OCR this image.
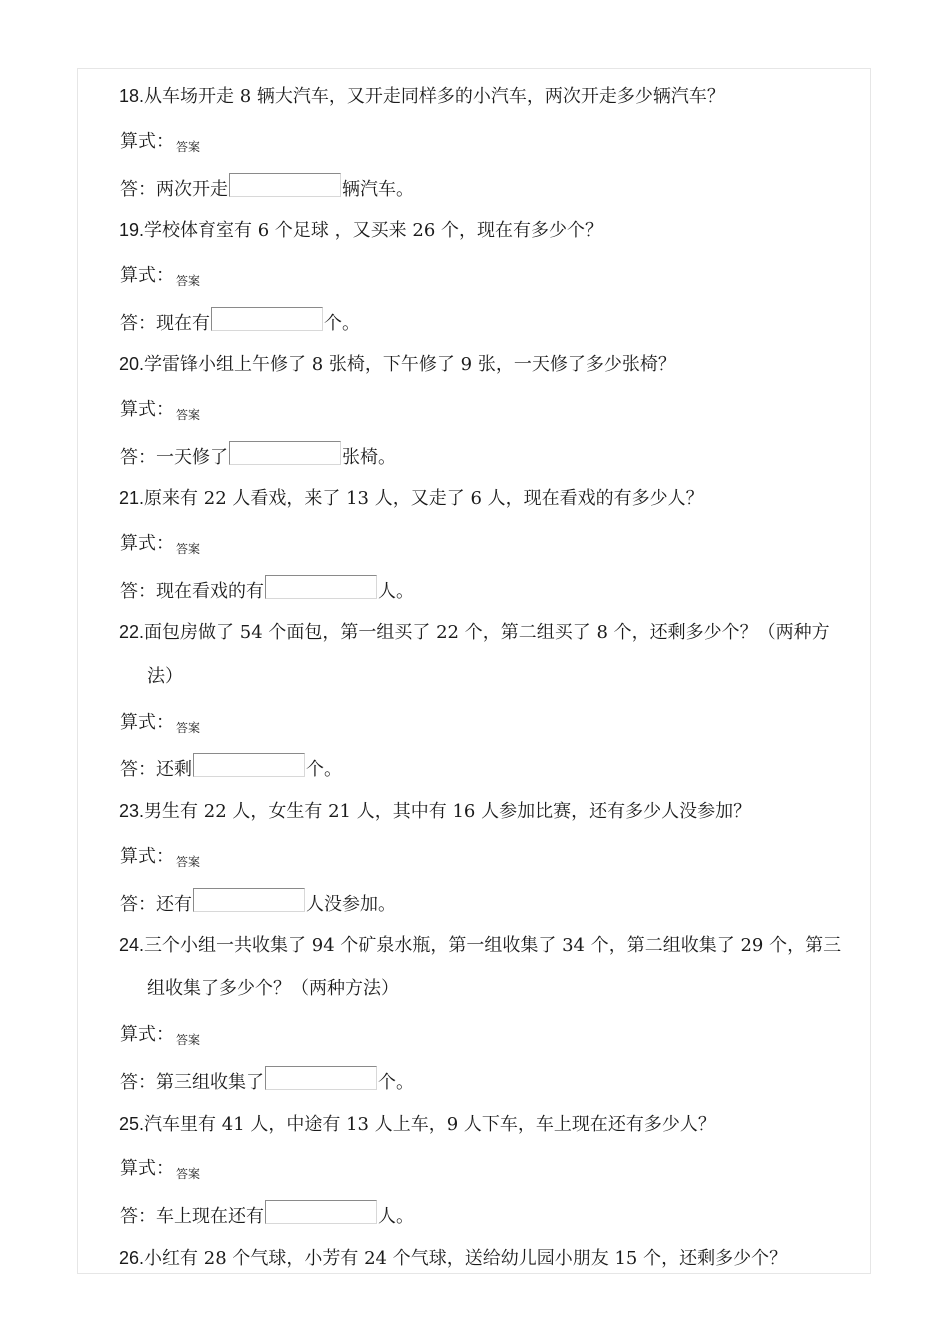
18.从车场开走 8 辆大汽车，又开走同样多的小汽车，两次开走多少辆汽车？
算式： $_{答案}$
答：两次开走	辆汽车。
19.学校体育室有 6 个足球 ，又买来 26 个，现在有多少个？
算式： $_{答案}$
答：现在有	个。
20.学雷锋小组上午修了 8 张椅，下午修了 9 张，一天修了多少张椅？
算式： $_{答案}$
答：一天修了	张椅。
21.原来有 22 人看戏，来了 13 人，又走了 6 人，现在看戏的有多少人？
算式： $_{答案}$
答：现在看戏的有	人。
22.面包房做了 54 个面包，第一组买了 22 个，第二组买了 8 个，还剩多少个？（两种方
法）
算式： $_{答案}$
答：还剩	个。
23.男生有 22 人，女生有 21 人，其中有 16 人参加比赛，还有多少人没参加？
算式： $_{答案}$
答：还有	人没参加。
24.三个小组一共收集了 94 个矿泉水瓶，第一组收集了 34 个，第二组收集了 29 个，第三
组收集了多少个？（两种方法）
算式： $_{答案}$
答：第三组收集了	个。
25.汽车里有 41 人，中途有 13 人上车，9 人下车，车上现在还有多少人？
算式： $_{答案}$
答：车上现在还有	人。
26.小红有 28 个气球，小芳有 24 个气球，送给幼儿园小朋友 15 个，还剩多少个？
